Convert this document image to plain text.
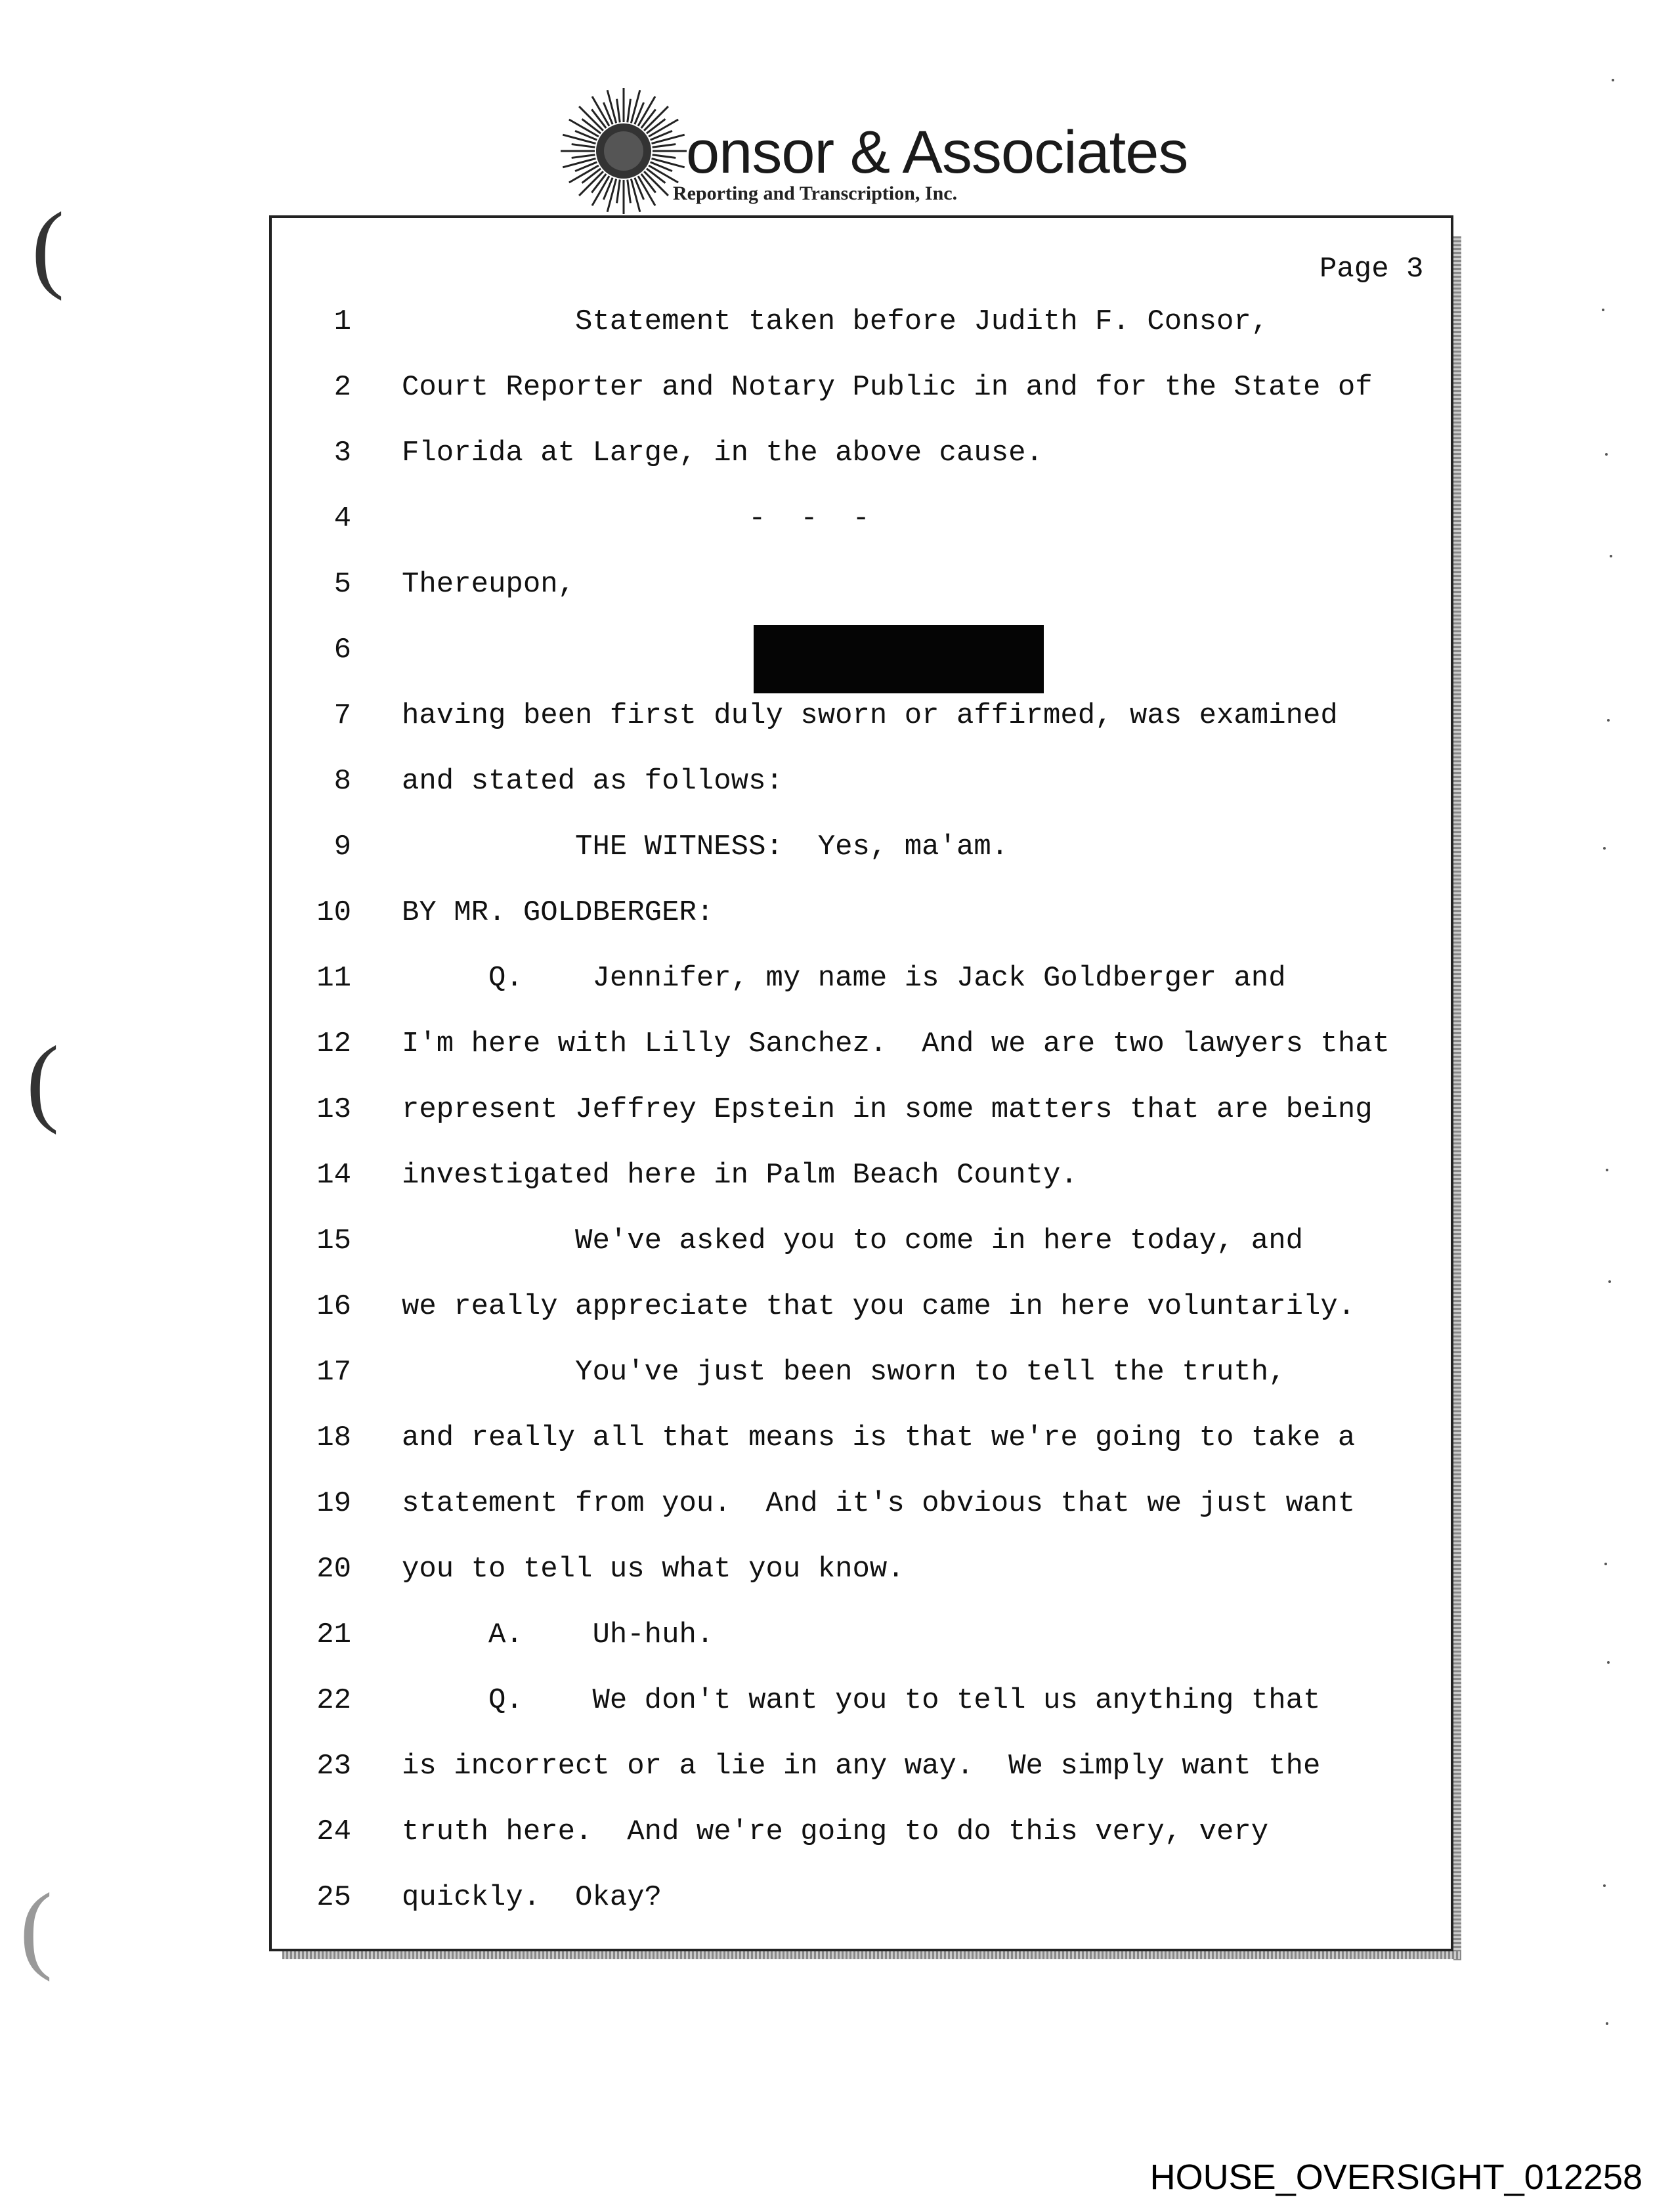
onsor & Associates
Reporting and Transcription, Inc.
Page 3
1 Statement taken before Judith F. Consor,
2 Court Reporter and Notary Public in and for the State of
3 Florida at Large, in the above cause.
4 -  -  -
5 Thereupon,
6
7 having been first duly sworn or affirmed, was examined
8 and stated as follows:
9 THE WITNESS:  Yes, ma'am.
10 BY MR. GOLDBERGER:
11 Q.    Jennifer, my name is Jack Goldberger and
12 I'm here with Lilly Sanchez.  And we are two lawyers that
13 represent Jeffrey Epstein in some matters that are being
14 investigated here in Palm Beach County.
15 We've asked you to come in here today, and
16 we really appreciate that you came in here voluntarily.
17 You've just been sworn to tell the truth,
18 and really all that means is that we're going to take a
19 statement from you.  And it's obvious that we just want
20 you to tell us what you know.
21 A.    Uh-huh.
22 Q.    We don't want you to tell us anything that
23 is incorrect or a lie in any way.  We simply want the
24 truth here.  And we're going to do this very, very
25 quickly.  Okay?
(
(
(
HOUSE_OVERSIGHT_012258
